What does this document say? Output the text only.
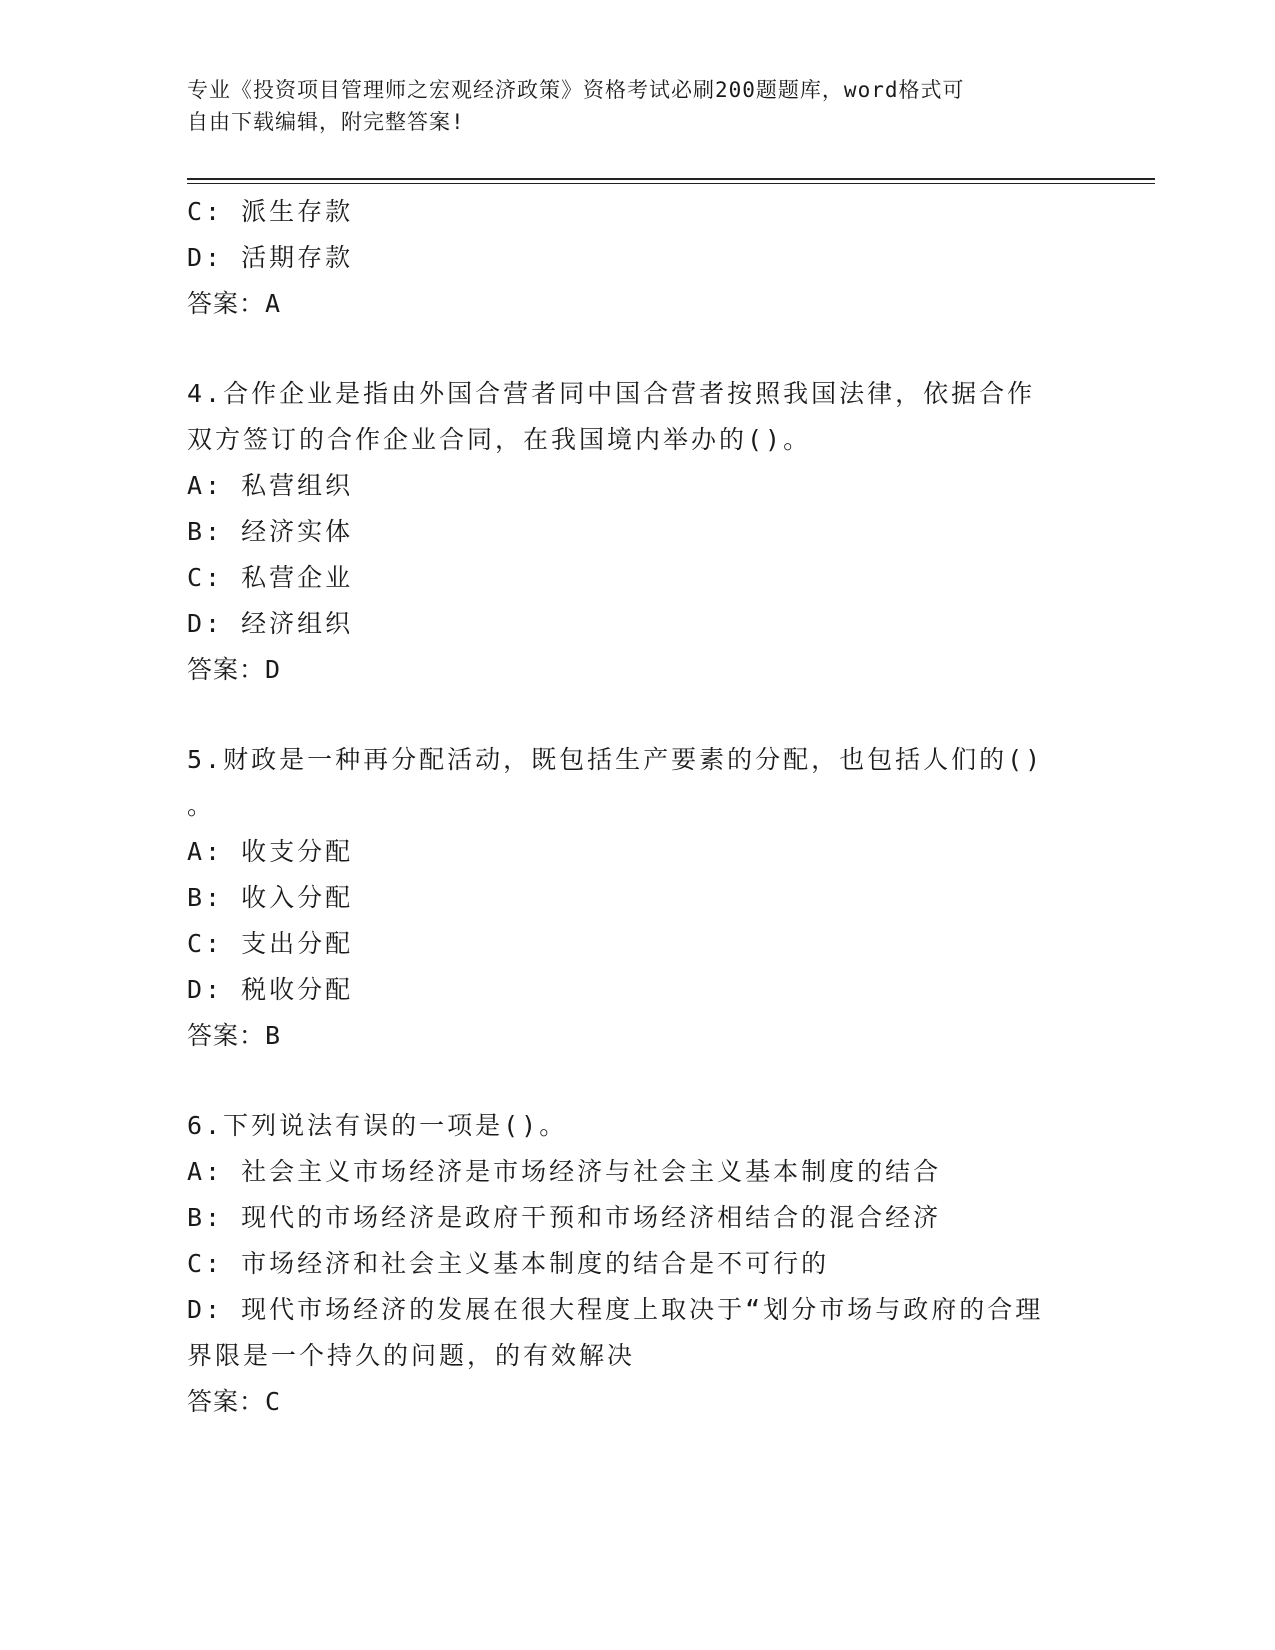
专业《投资项目管理师之宏观经济政策》资格考试必刷200题题库，word格式可
自由下载编辑，附完整答案!

C: 派生存款

D: 活期存款

答案：A

4.合作企业是指由外国合营者同中国合营者按照我国法律，依据合作

双方签订的合作企业合同，在我国境内举办的()。

A: 私营组织

B: 经济实体

C: 私营企业

D: 经济组织

答案：D

5.财政是一种再分配活动，既包括生产要素的分配，也包括人们的()

。

A: 收支分配

B: 收入分配

C: 支出分配

D: 税收分配

答案：B

6.下列说法有误的一项是()。

A: 社会主义市场经济是市场经济与社会主义基本制度的结合

B: 现代的市场经济是政府干预和市场经济相结合的混合经济

C: 市场经济和社会主义基本制度的结合是不可行的

D: 现代市场经济的发展在很大程度上取决于“划分市场与政府的合理

界限是一个持久的问题，的有效解决

答案：C
